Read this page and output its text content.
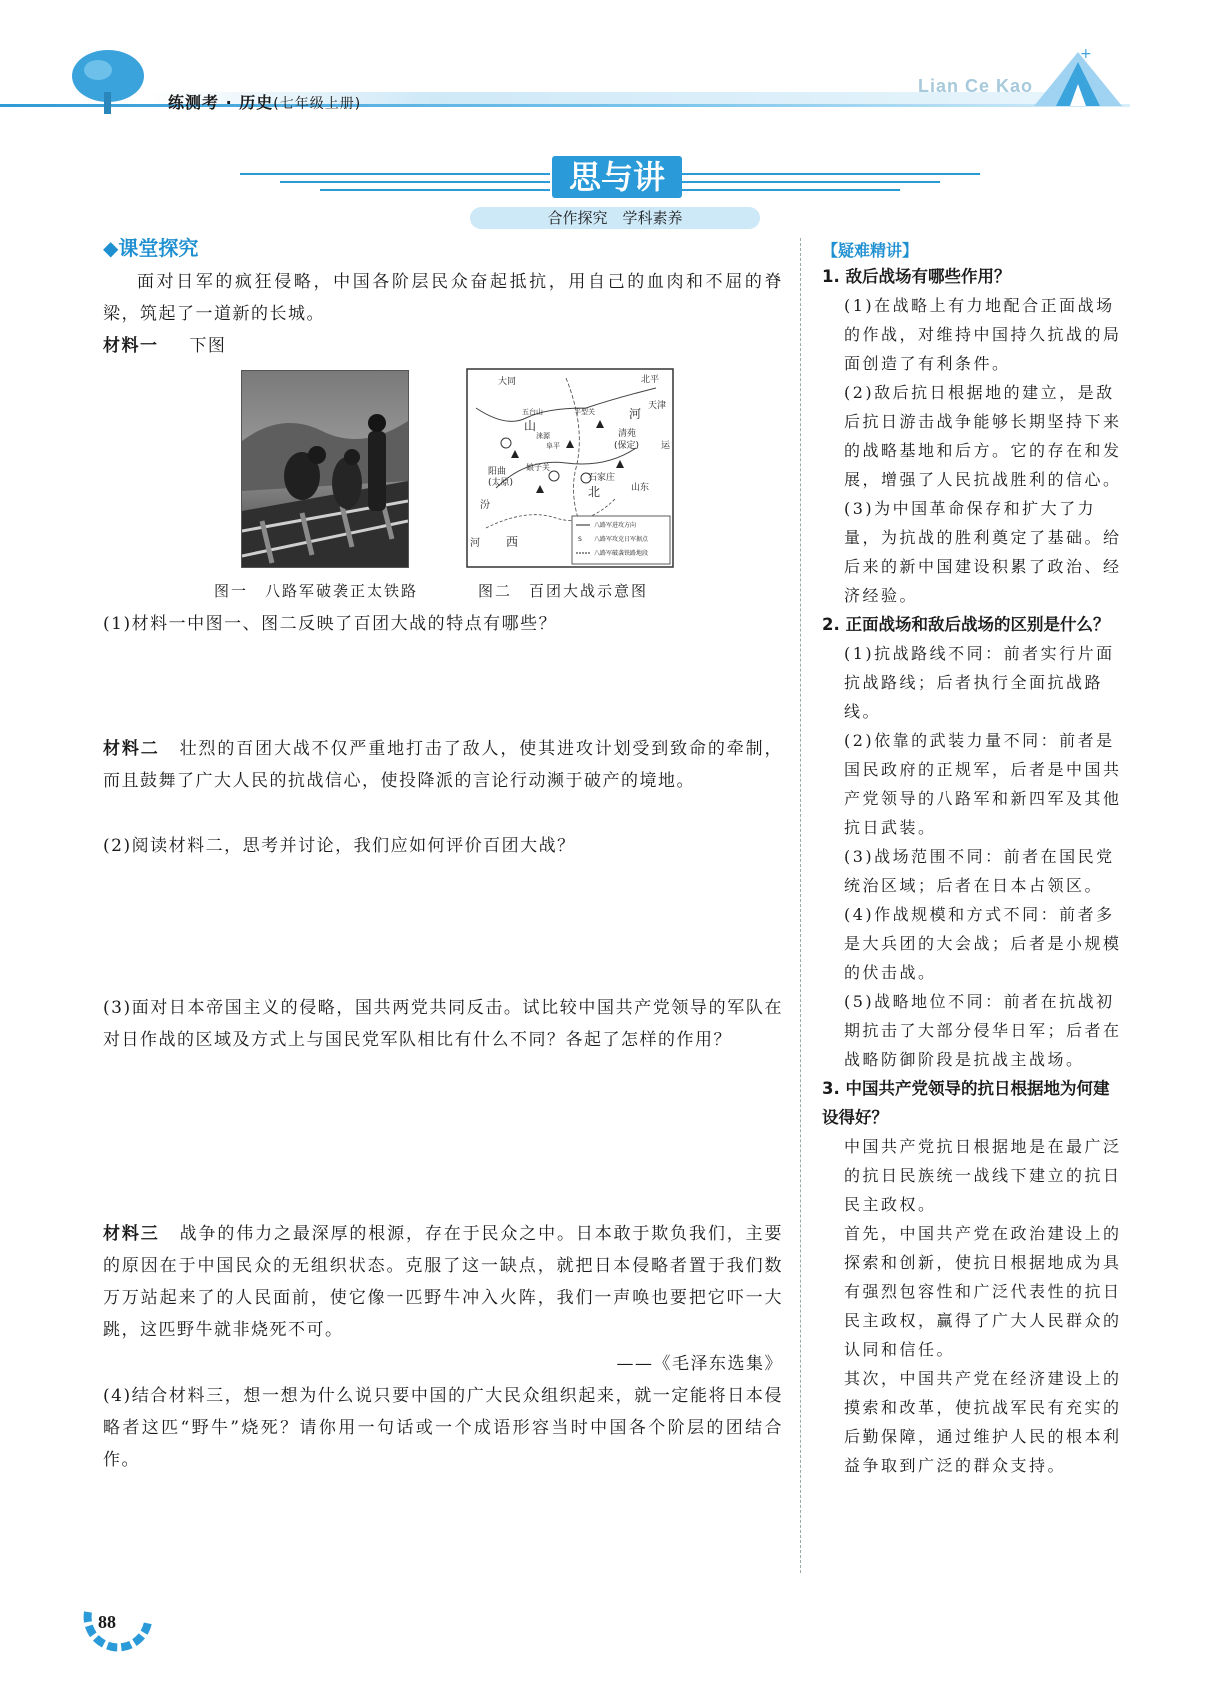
练测考 · 历史(七年级上册)
Lian Ce Kao
+
思与讲
合作探究　学科素养
◆课堂探究
面对日军的疯狂侵略，中国各阶层民众奋起抵抗，用自己的血肉和不屈的脊梁，筑起了一道新的长城。
材料一 下图
大同	北平
天津
河
山
清苑
(保定) 运
石家庄
北	山东
西
河
阳曲
(太原)
娘子关
汾
五台山	平型关
涞源
阜平
八路军进攻方向
S 八路军攻克日军据点
八路军破袭铁路地段
图一　八路军破袭正太铁路	图二　百团大战示意图
(1)材料一中图一、图二反映了百团大战的特点有哪些？
材料二 壮烈的百团大战不仅严重地打击了敌人，使其进攻计划受到致命的牵制，而且鼓舞了广大人民的抗战信心，使投降派的言论行动濒于破产的境地。
(2)阅读材料二，思考并讨论，我们应如何评价百团大战？
(3)面对日本帝国主义的侵略，国共两党共同反击。试比较中国共产党领导的军队在对日作战的区域及方式上与国民党军队相比有什么不同？各起了怎样的作用？
材料三 战争的伟力之最深厚的根源，存在于民众之中。日本敢于欺负我们，主要的原因在于中国民众的无组织状态。克服了这一缺点，就把日本侵略者置于我们数万万站起来了的人民面前，使它像一匹野牛冲入火阵，我们一声唤也要把它吓一大跳，这匹野牛就非烧死不可。
——《毛泽东选集》
(4)结合材料三，想一想为什么说只要中国的广大民众组织起来，就一定能将日本侵略者这匹“野牛”烧死？请你用一句话或一个成语形容当时中国各个阶层的团结合作。
【疑难精讲】
1. 敌后战场有哪些作用？
(1)在战略上有力地配合正面战场的作战，对维持中国持久抗战的局面创造了有利条件。
(2)敌后抗日根据地的建立，是敌后抗日游击战争能够长期坚持下来的战略基地和后方。它的存在和发展，增强了人民抗战胜利的信心。
(3)为中国革命保存和扩大了力量，为抗战的胜利奠定了基础。给后来的新中国建设积累了政治、经济经验。
2. 正面战场和敌后战场的区别是什么？
(1)抗战路线不同：前者实行片面抗战路线；后者执行全面抗战路线。
(2)依靠的武装力量不同：前者是国民政府的正规军，后者是中国共产党领导的八路军和新四军及其他抗日武装。
(3)战场范围不同：前者在国民党统治区域；后者在日本占领区。
(4)作战规模和方式不同：前者多是大兵团的大会战；后者是小规模的伏击战。
(5)战略地位不同：前者在抗战初期抗击了大部分侵华日军；后者在战略防御阶段是抗战主战场。
3. 中国共产党领导的抗日根据地为何建设得好？
中国共产党抗日根据地是在最广泛的抗日民族统一战线下建立的抗日民主政权。
首先，中国共产党在政治建设上的探索和创新，使抗日根据地成为具有强烈包容性和广泛代表性的抗日民主政权，赢得了广大人民群众的认同和信任。
其次，中国共产党在经济建设上的摸索和改革，使抗战军民有充实的后勤保障，通过维护人民的根本利益争取到广泛的群众支持。
88
